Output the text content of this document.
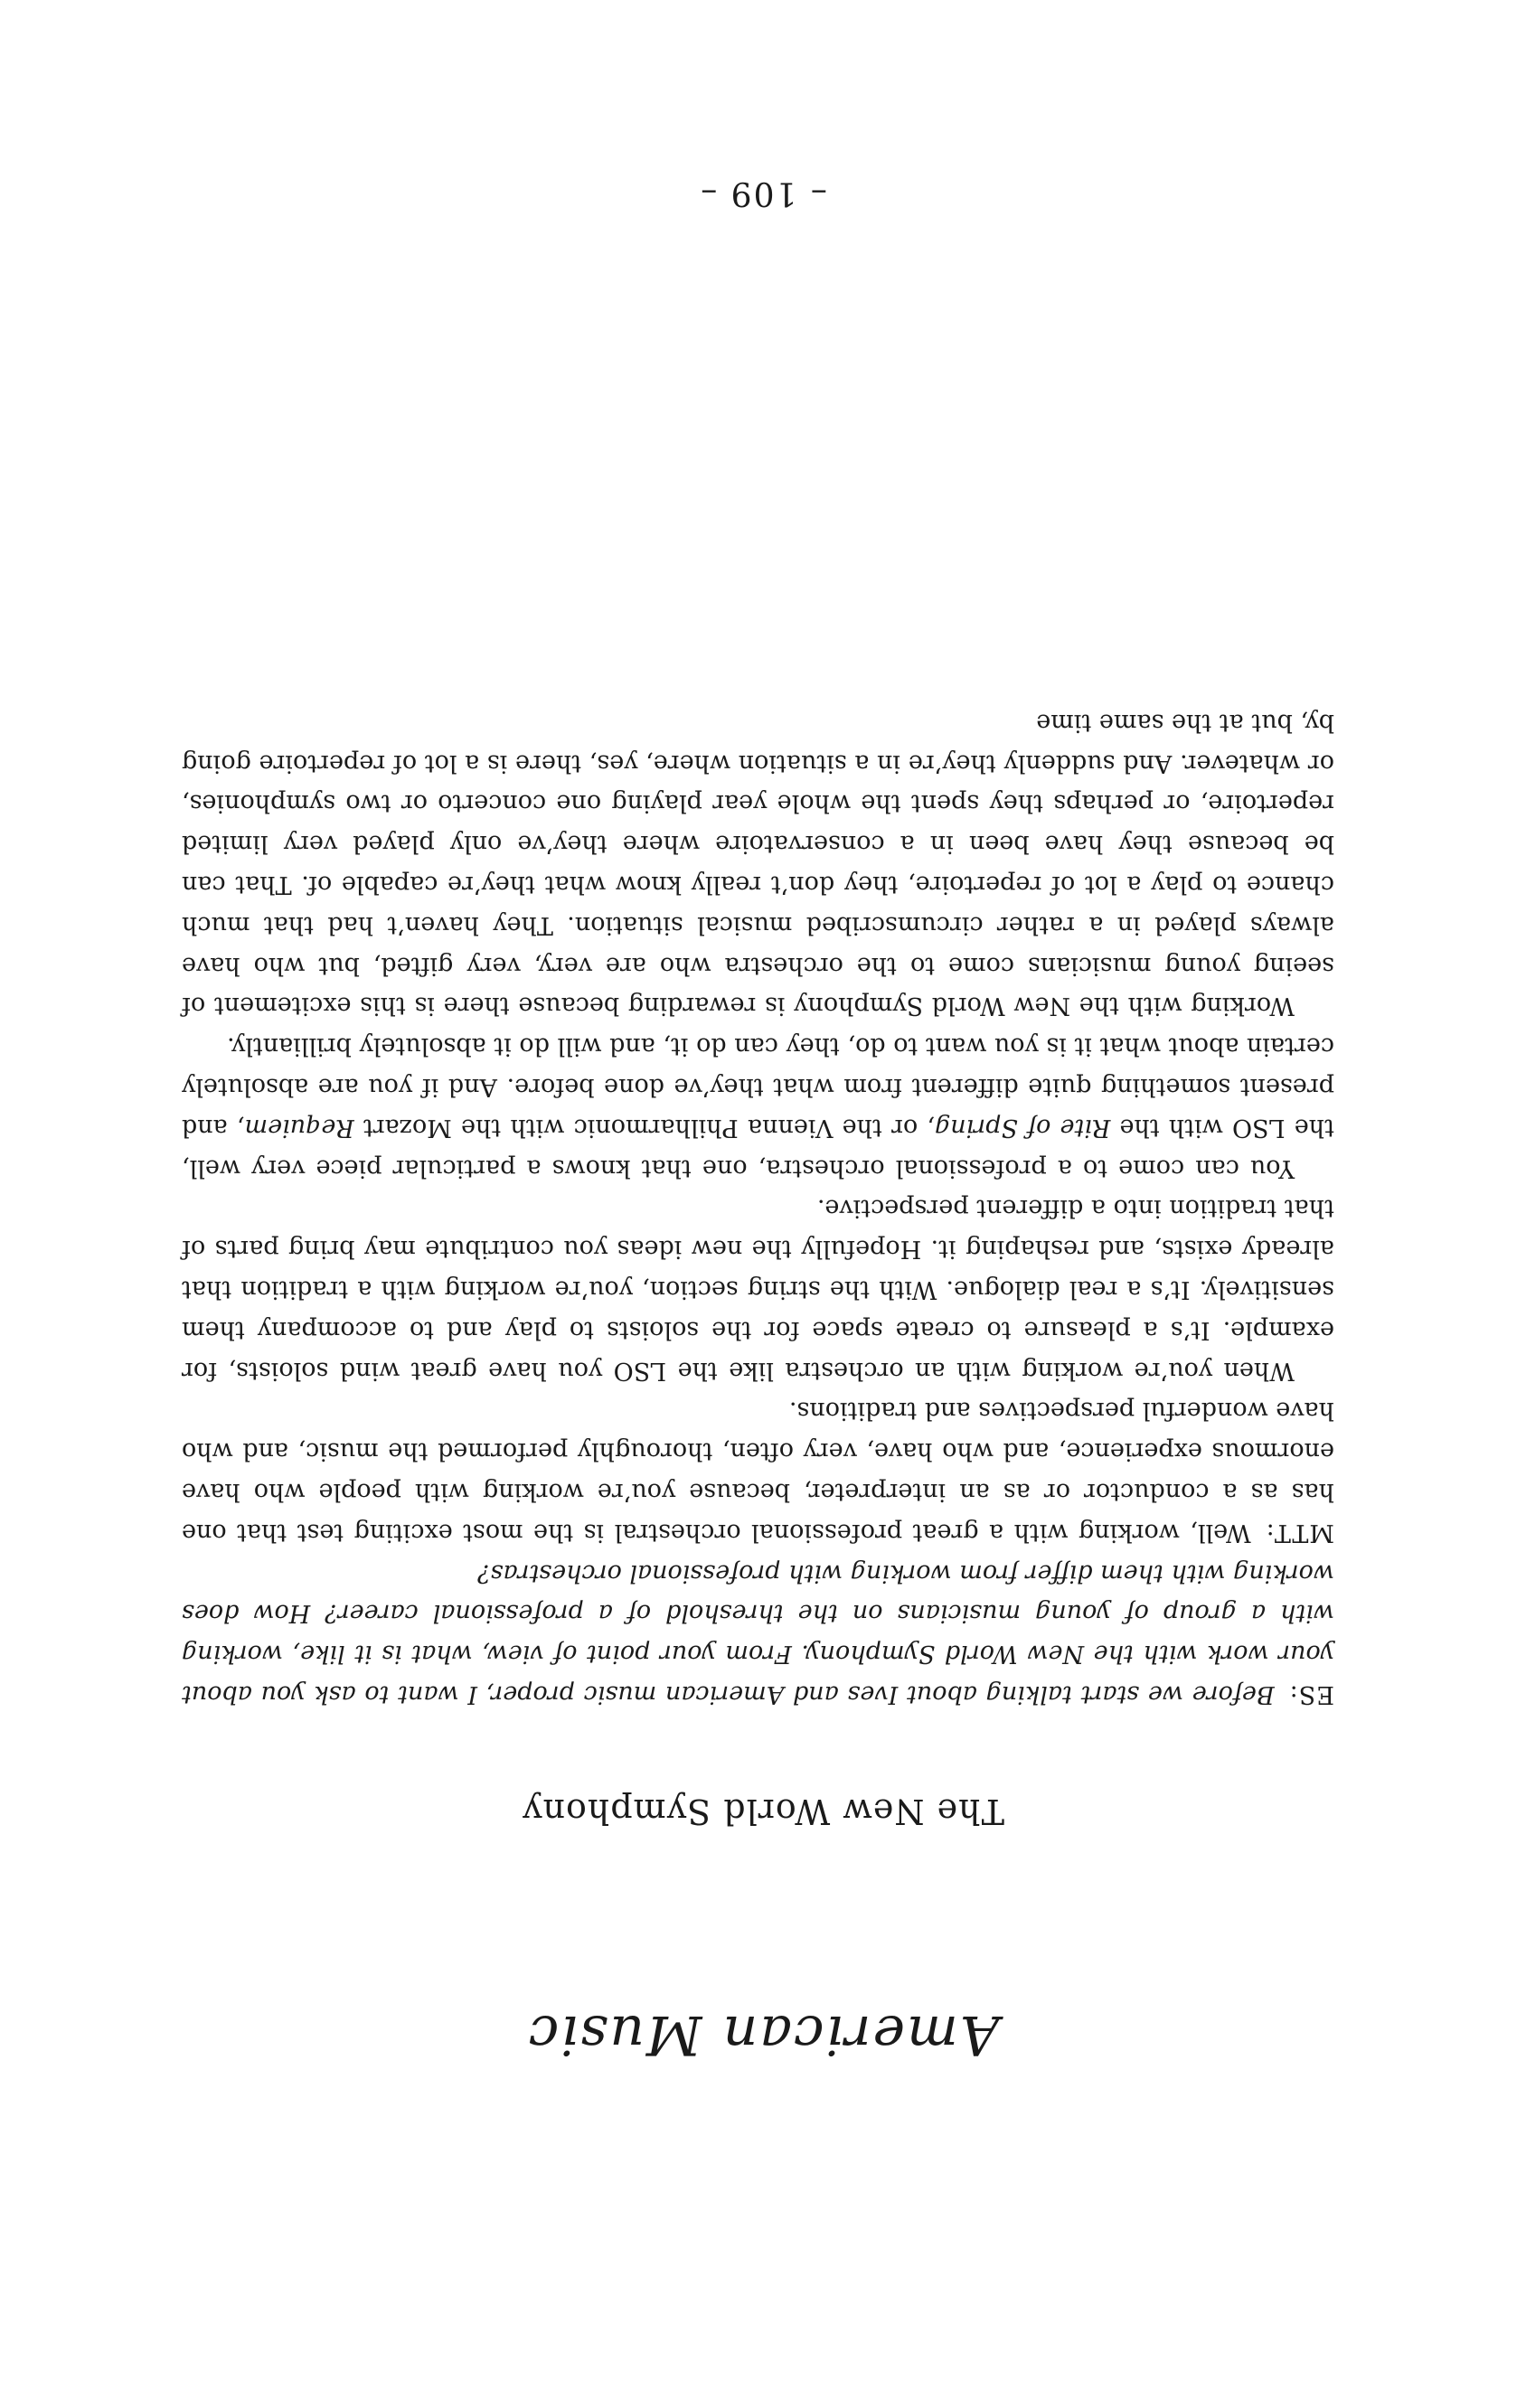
American Music
The New World Symphony

ES:Before we start talking about Ives and American music proper, I want to ask you about your work with the New World Symphony. From your point of view, what is it like, working with a group of young musicians on the threshold of a professional career? How does working with them differ from working with professional orchestras?

MTT:Well, working with a great professional orchestral is the most exciting test that one has as a conductor or as an interpreter, because you’re working with people who have enormous experience, and who have, very often, thoroughly performed the music, and who have wonderful perspectives and traditions.

When you’re working with an orchestra like the LSO you have great wind soloists, for example. It’s a pleasure to create space for the soloists to play and to accompany them sensitively. It’s a real dialogue. With the string section, you’re working with a tradition that already exists, and reshaping it. Hopefully the new ideas you contribute may bring parts of that tradition into a different perspective.

You can come to a professional orchestra, one that knows a particular piece very well, the LSO with the Rite of Spring, or the Vienna Philharmonic with the Mozart Requiem, and present something quite different from what they’ve done before. And if you are absolutely certain about what it is you want to do, they can do it, and will do it absolutely brilliantly.

Working with the New World Symphony is rewarding because there is this excitement of seeing young musicians come to the orchestra who are very, very gifted, but who have always played in a rather circumscribed musical situation. They haven’t had that much chance to play a lot of repertoire, they don’t really know what they’re capable of. That can be because they have been in a conservatoire where they’ve only played very limited repertoire, or perhaps they spent the whole year playing one concerto or two symphonies, or whatever. And suddenly they’re in a situation where, yes, there is a lot of repertoire going by, but at the same time

– 109 –
